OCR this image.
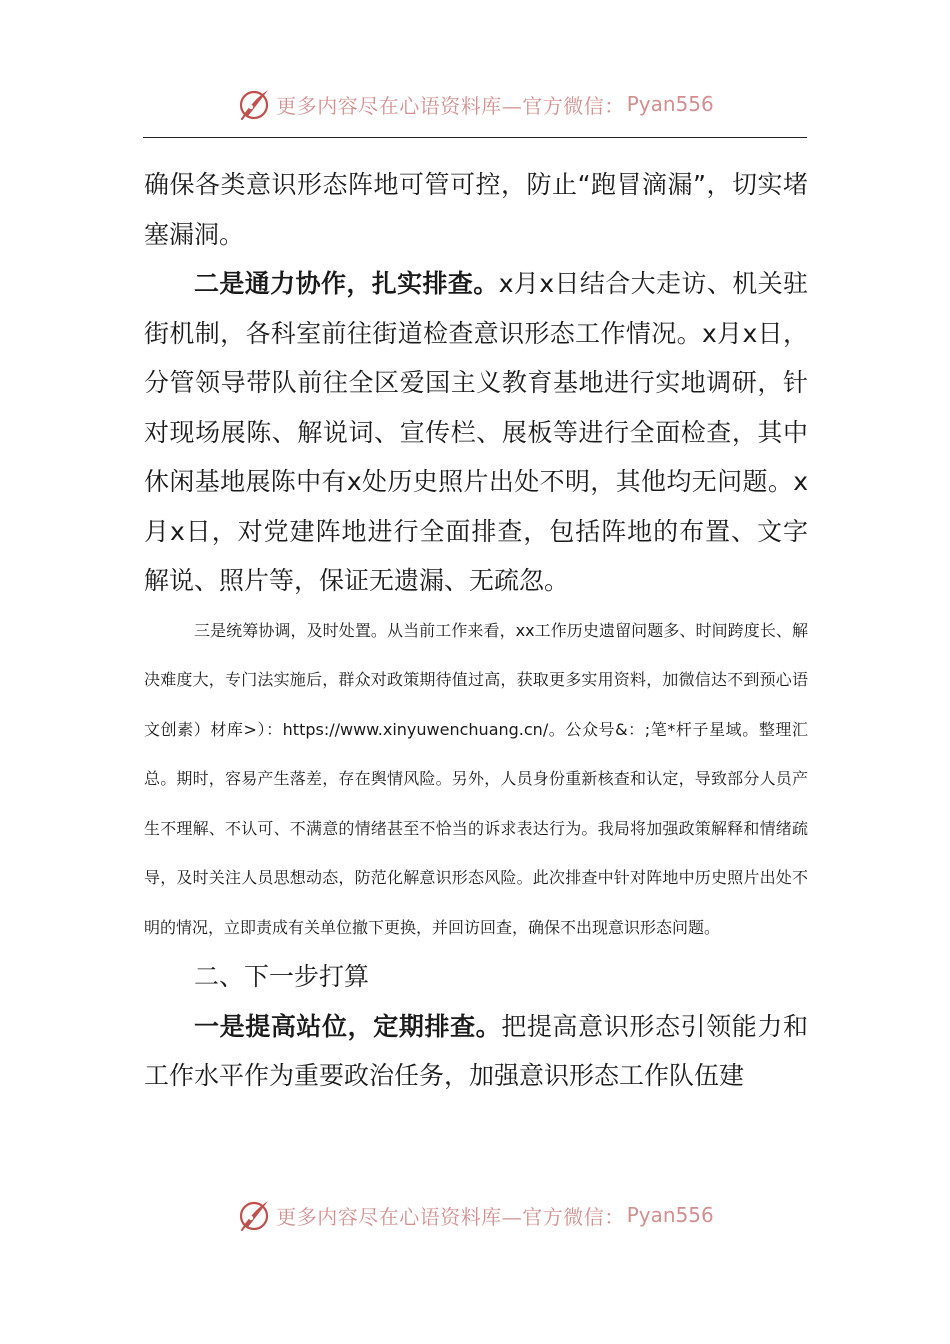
更多内容尽在心语资料库—官方微信： Pyan556

确保各类意识形态阵地可管可控，防止“跑冒滴漏”，切实堵塞漏洞。

二是通力协作，扎实排查。x月x日结合大走访、机关驻街机制，各科室前往街道检查意识形态工作情况。x月x日，分管领导带队前往全区爱国主义教育基地进行实地调研，针对现场展陈、解说词、宣传栏、展板等进行全面检查，其中休闲基地展陈中有x处历史照片出处不明，其他均无问题。x月x日，对党建阵地进行全面排查，包括阵地的布置、文字解说、照片等，保证无遗漏、无疏忽。

三是统筹协调，及时处置。从当前工作来看，xx工作历史遗留问题多、时间跨度长、解决难度大，专门法实施后，群众对政策期待值过高，获取更多实用资料，加微信达不到预心语文创素）材库>）：https://www.xinyuwenchuang.cn/。公众号&：;笔*杆子星域。整理汇总。期时，容易产生落差，存在舆情风险。另外，人员身份重新核查和认定，导致部分人员产生不理解、不认可、不满意的情绪甚至不恰当的诉求表达行为。我局将加强政策解释和情绪疏导，及时关注人员思想动态，防范化解意识形态风险。此次排查中针对阵地中历史照片出处不明的情况，立即责成有关单位撤下更换，并回访回查，确保不出现意识形态问题。

二、下一步打算

一是提高站位，定期排查。把提高意识形态引领能力和工作水平作为重要政治任务，加强意识形态工作队伍建

更多内容尽在心语资料库—官方微信： Pyan556
